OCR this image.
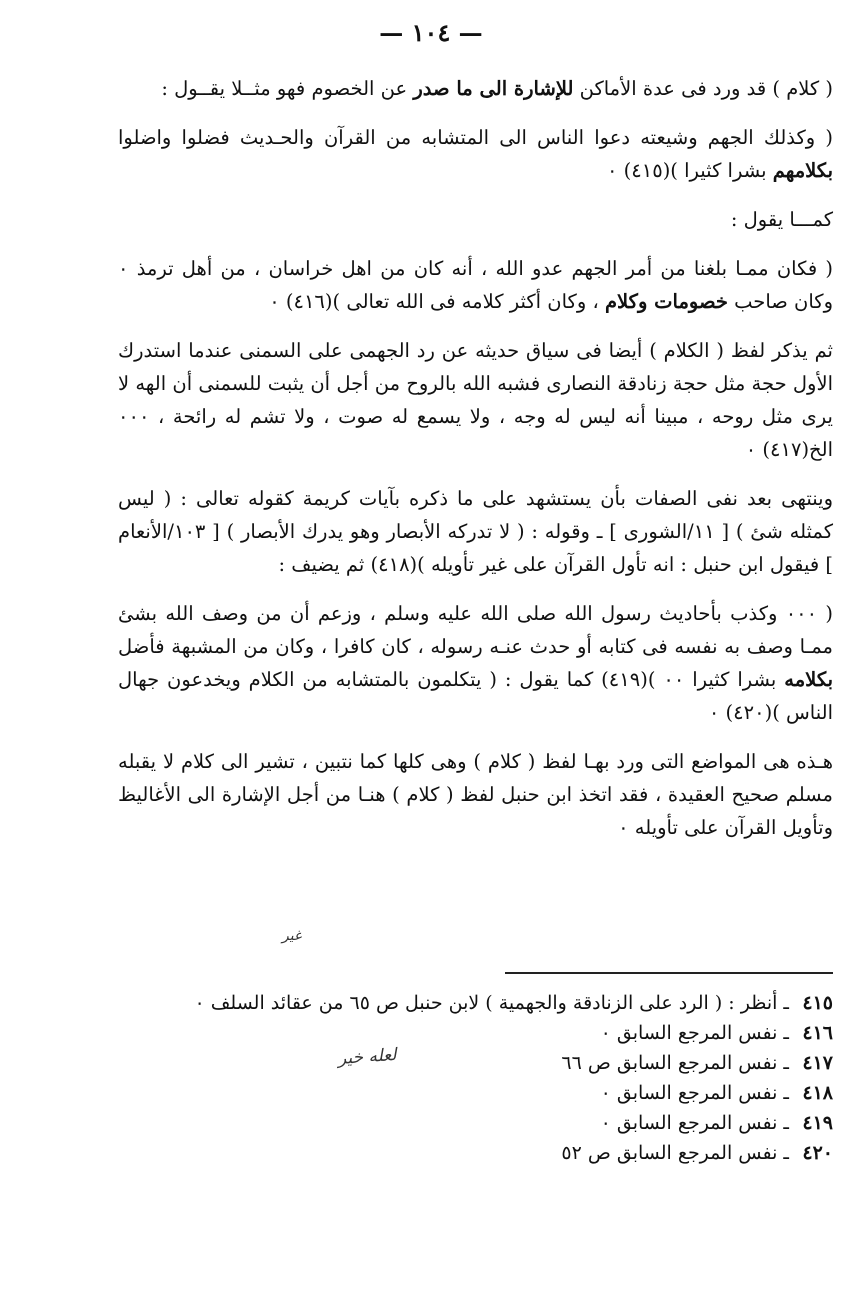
— ١٠٤ —

( كلام ) قد ورد فى عدة الأماكن للإشارة الى ما صدر عن الخصوم فهو مثــلا يقــول :

( وكذلك الجهم وشيعته دعوا الناس الى المتشابه من القرآن والحـديث فضلوا واضلوا بكلامهم بشرا كثيرا )(٤١٥) ٠

كمـــا يقول :

( فكان ممـا بلغنا من أمر الجهم عدو الله ، أنه كان من اهل خراسان ، من أهل ترمذ ٠ وكان صاحب خصومات وكلام ، وكان أكثر كلامه فى الله تعالى )(٤١٦) ٠

ثم يذكر لفظ ( الكلام ) أيضا فى سياق حديثه عن رد الجهمى على السمنى عندما استدرك الأول حجة مثل حجة زنادقة النصارى فشبه الله بالروح من أجل أن يثبت للسمنى أن الهه لا يرى مثل روحه ، مبينا أنه ليس له وجه ، ولا يسمع له صوت ، ولا تشم له رائحة ، ٠٠٠ الخ(٤١٧) ٠

وينتهى بعد نفى الصفات بأن يستشهد على ما ذكره بآيات كريمة كقوله تعالى : ( ليس كمثله شئ ) [ ١١/الشورى ] ـ وقوله : ( لا تدركه الأبصار وهو يدرك الأبصار ) [ ١٠٣/الأنعام ] فيقول ابن حنبل : انه تأول القرآن على غير تأويله )(٤١٨) ثم يضيف :

( ٠٠٠ وكذب بأحاديث رسول الله صلى الله عليه وسلم ، وزعم أن من وصف الله بشئ ممـا وصف به نفسه فى كتابه أو حدث عنـه رسوله ، كان كافرا ، وكان من المشبهة فأضل بكلامه بشرا كثيرا ٠٠ )(٤١٩) كما يقول : ( يتكلمون بالمتشابه من الكلام ويخدعون جهال الناس )(٤٢٠) ٠

هـذه هى المواضع التى ورد بهـا لفظ ( كلام ) وهى كلها كما نتبين ، تشير الى كلام لا يقبله مسلم صحيح العقيدة ، فقد اتخذ ابن حنبل لفظ ( كلام ) هنـا من أجل الإشارة الى الأغاليظ وتأويل القرآن على تأويله ٠

غير
٤١٥
ـ أنظر : ( الرد على الزنادقة والجهمية ) لابن حنبل ص ٦٥ من عقائد السلف ٠
٤١٦
ـ نفس المرجع السابق ٠
٤١٧
ـ نفس المرجع السابق ص ٦٦
٤١٨
ـ نفس المرجع السابق ٠
٤١٩
ـ نفس المرجع السابق ٠
٤٢٠
ـ نفس المرجع السابق ص ٥٢
لعله خير
